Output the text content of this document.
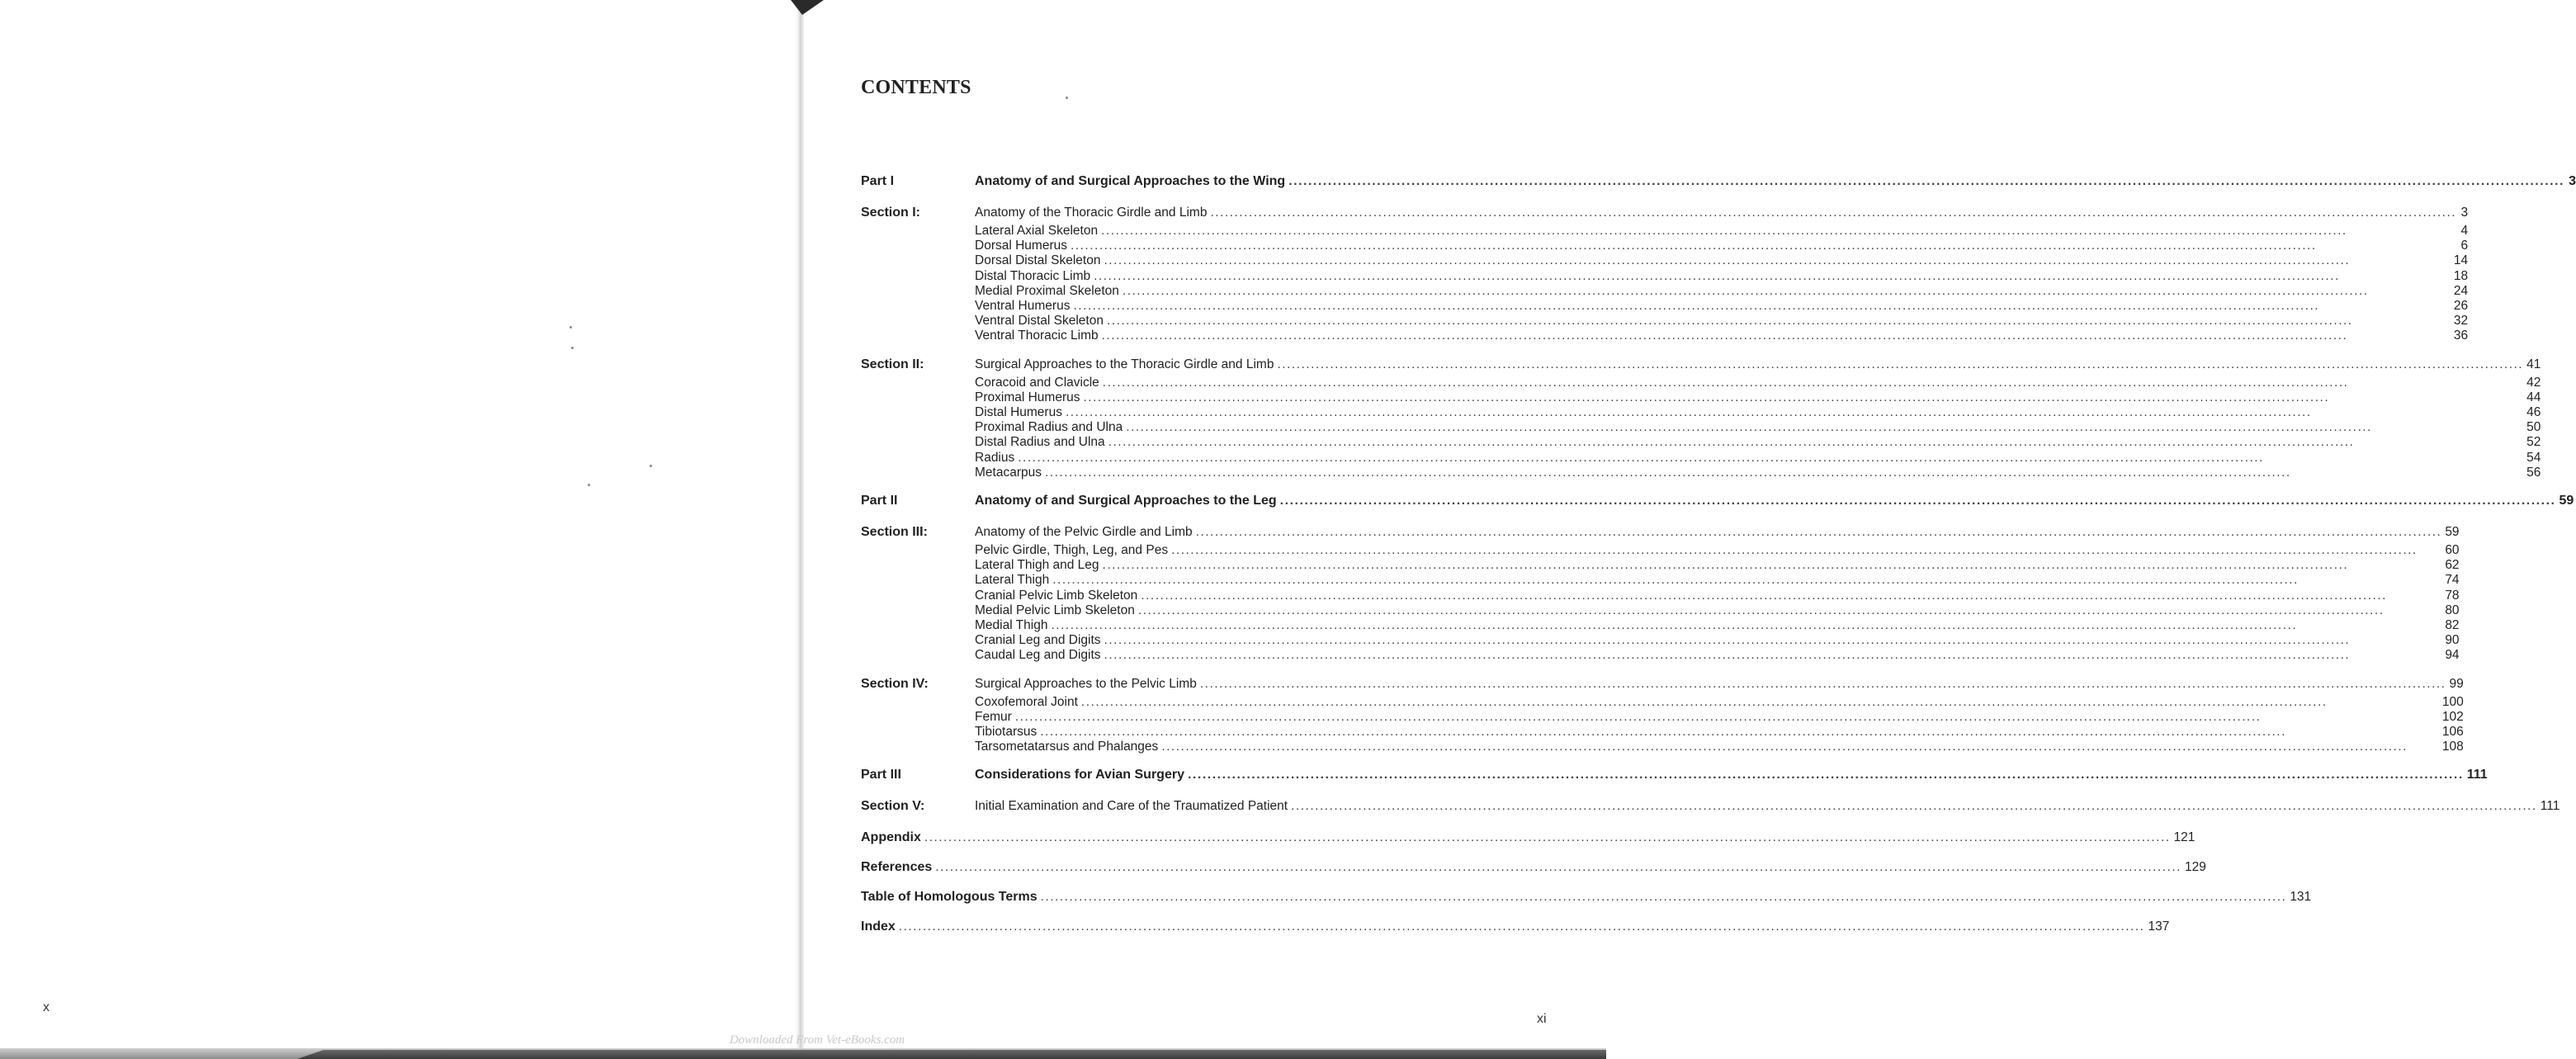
x
xi
Downloaded From Vet-eBooks.com
CONTENTS
Part I	Anatomy of and Surgical Approaches to the Wing .....	3
Section I:	Anatomy of the Thoracic Girdle and Limb .....	3
Lateral Axial Skeleton .....	4
Dorsal Humerus .....	6
Dorsal Distal Skeleton .....	14
Distal Thoracic Limb .....	18
Medial Proximal Skeleton .....	24
Ventral Humerus .....	26
Ventral Distal Skeleton .....	32
Ventral Thoracic Limb .....	36
Section II:	Surgical Approaches to the Thoracic Girdle and Limb .....	41
Coracoid and Clavicle .....	42
Proximal Humerus .....	44
Distal Humerus .....	46
Proximal Radius and Ulna .....	50
Distal Radius and Ulna .....	52
Radius .....	54
Metacarpus .....	56
Part II	Anatomy of and Surgical Approaches to the Leg .....	59
Section III:	Anatomy of the Pelvic Girdle and Limb .....	59
Pelvic Girdle, Thigh, Leg, and Pes .....	60
Lateral Thigh and Leg .....	62
Lateral Thigh .....	74
Cranial Pelvic Limb Skeleton .....	78
Medial Pelvic Limb Skeleton .....	80
Medial Thigh .....	82
Cranial Leg and Digits .....	90
Caudal Leg and Digits .....	94
Section IV:	Surgical Approaches to the Pelvic Limb .....	99
Coxofemoral Joint .....	100
Femur .....	102
Tibiotarsus .....	106
Tarsometatarsus and Phalanges .....	108
Part III	Considerations for Avian Surgery .....	111
Section V:	Initial Examination and Care of the Traumatized Patient .....	111
Appendix .....	121
References .....	129
Table of Homologous Terms .....	131
Index .....	137
